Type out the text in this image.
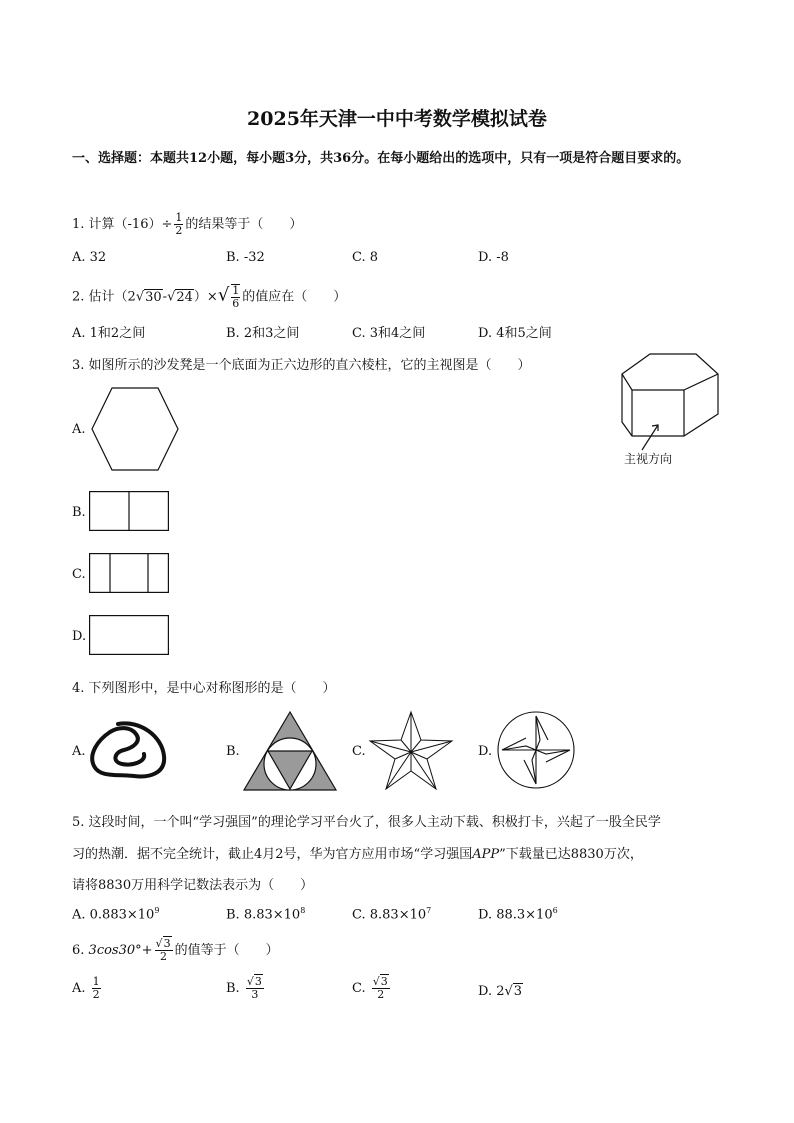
2025年天津一中中考数学模拟试卷
一、选择题：本题共12小题，每小题3分，共36分。在每小题给出的选项中，只有一项是符合题目要求的。
1. 计算$(-16)\div \frac{1}{2}$ 的结果等于（　　）
A. 32	B. -32	C. 8	D. -8
2. 估计$(2√30-√24)\times√ \frac{1}{6}$ 的值应在（　　）
A. 1和2之间	B. 2和3之间	C. 3和4之间	D. 4和5之间
3. 如图所示的沙发凳是一个底面为正六边形的直六棱柱，它的主视图是（　　）
主视方向
A.
B.
C.
D.
4. 下列图形中，是中心对称图形的是（　　）
A.	B.	C.	D.
5. 这段时间，一个叫“学习强国”的理论学习平台火了，很多人主动下载、积极打卡，兴起了一股全民学
习的热潮．据不完全统计，截止4月2号，华为官方应用市场“学习强国APP”下载量已达8830万次，
请将8830万用科学记数法表示为（　　）
A. $0.883\times 10^9$	B. $8.83\times 10^8$	C. $8.83\times 10^7$	D. $88.3\times 10^6$
6. $3\cos 30^\circ+ \frac{√3}{2}$ 的值等于（　　）
A. $\frac{1}{2}$	B. $\frac{√3}{3}$	C. $\frac{√3}{2}$	D. 2√3
